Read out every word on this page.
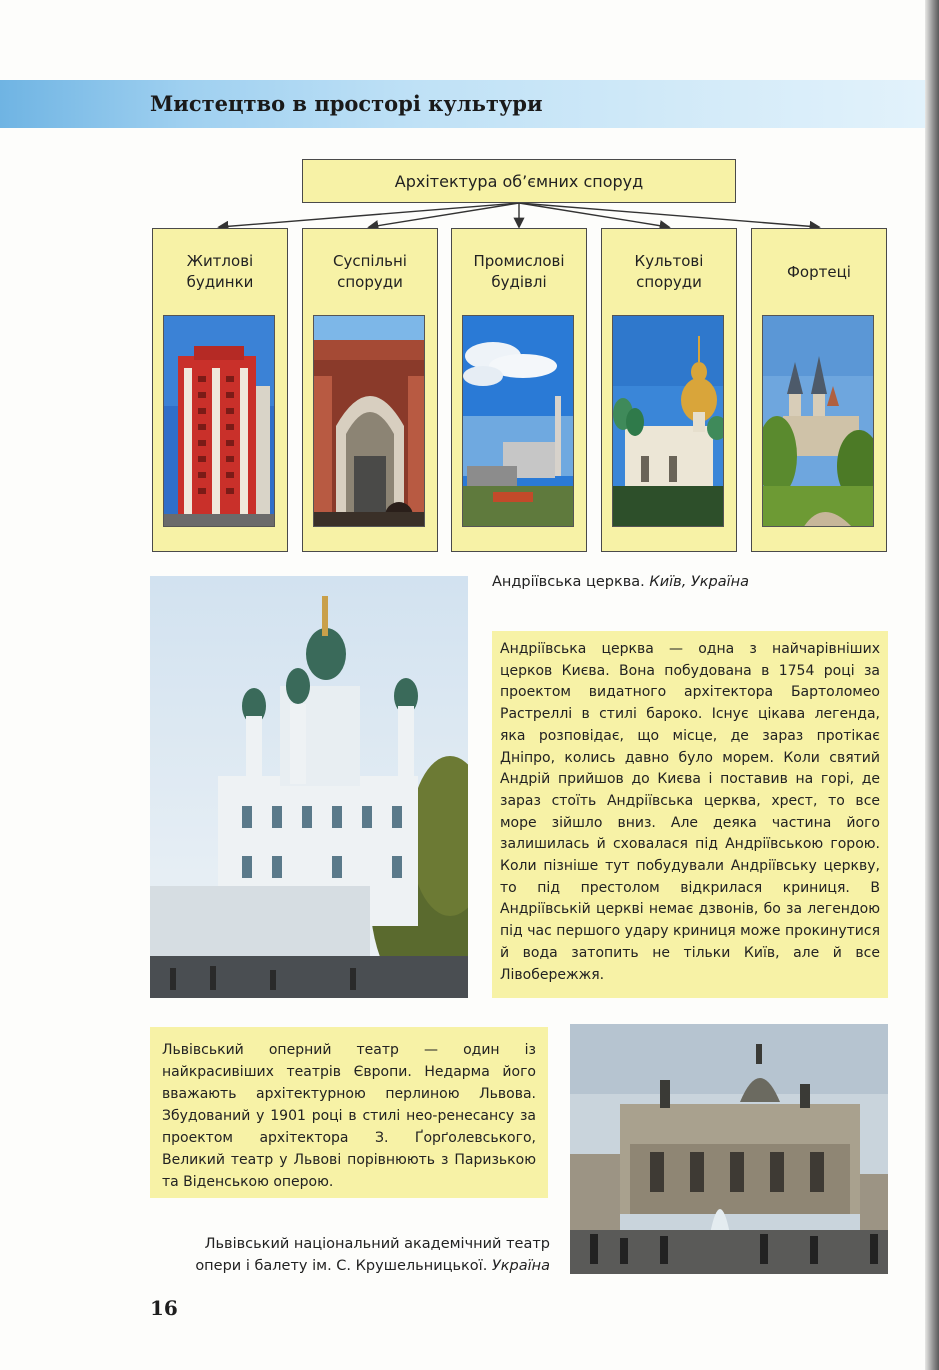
Мистецтво в просторі культури
Архітектура об’ємних споруд
Житлові будинки
Суспільні споруди
Промислові будівлі
Культові споруди
Фортеці
Андріївська церква. Київ, Україна
Андріївська церква — одна з найчарівніших церков Києва. Вона побудована в 1754 році за проектом видатного архітектора Бартоломео Растреллі в стилі бароко. Існує цікава легенда, яка розповідає, що місце, де зараз протікає Дніпро, колись давно було морем. Коли святий Андрій прийшов до Києва і поставив на горі, де зараз стоїть Андріївська церква, хрест, то все море зійшло вниз. Але деяка частина його залишилась й сховалася під Андріївською горою. Коли пізніше тут побудували Андріївську церкву, то під престолом відкрилася криниця. В Андріївській церкві немає дзвонів, бо за легендою під час першого удару криниця може прокинутися й вода затопить не тільки Київ, але й все Лівобережжя.
Львівський оперний театр — один із найкрасивіших театрів Європи. Недарма його вважають архітектурною перлиною Львова. Збудований у 1901 році в стилі нео-ренесансу за проектом архітектора З. Ґорґолевського, Великий театр у Львові порівнюють з Паризькою та Віденською оперою.
Львівський національний академічний театр
опери і балету ім. С. Крушельницької. Україна
16
